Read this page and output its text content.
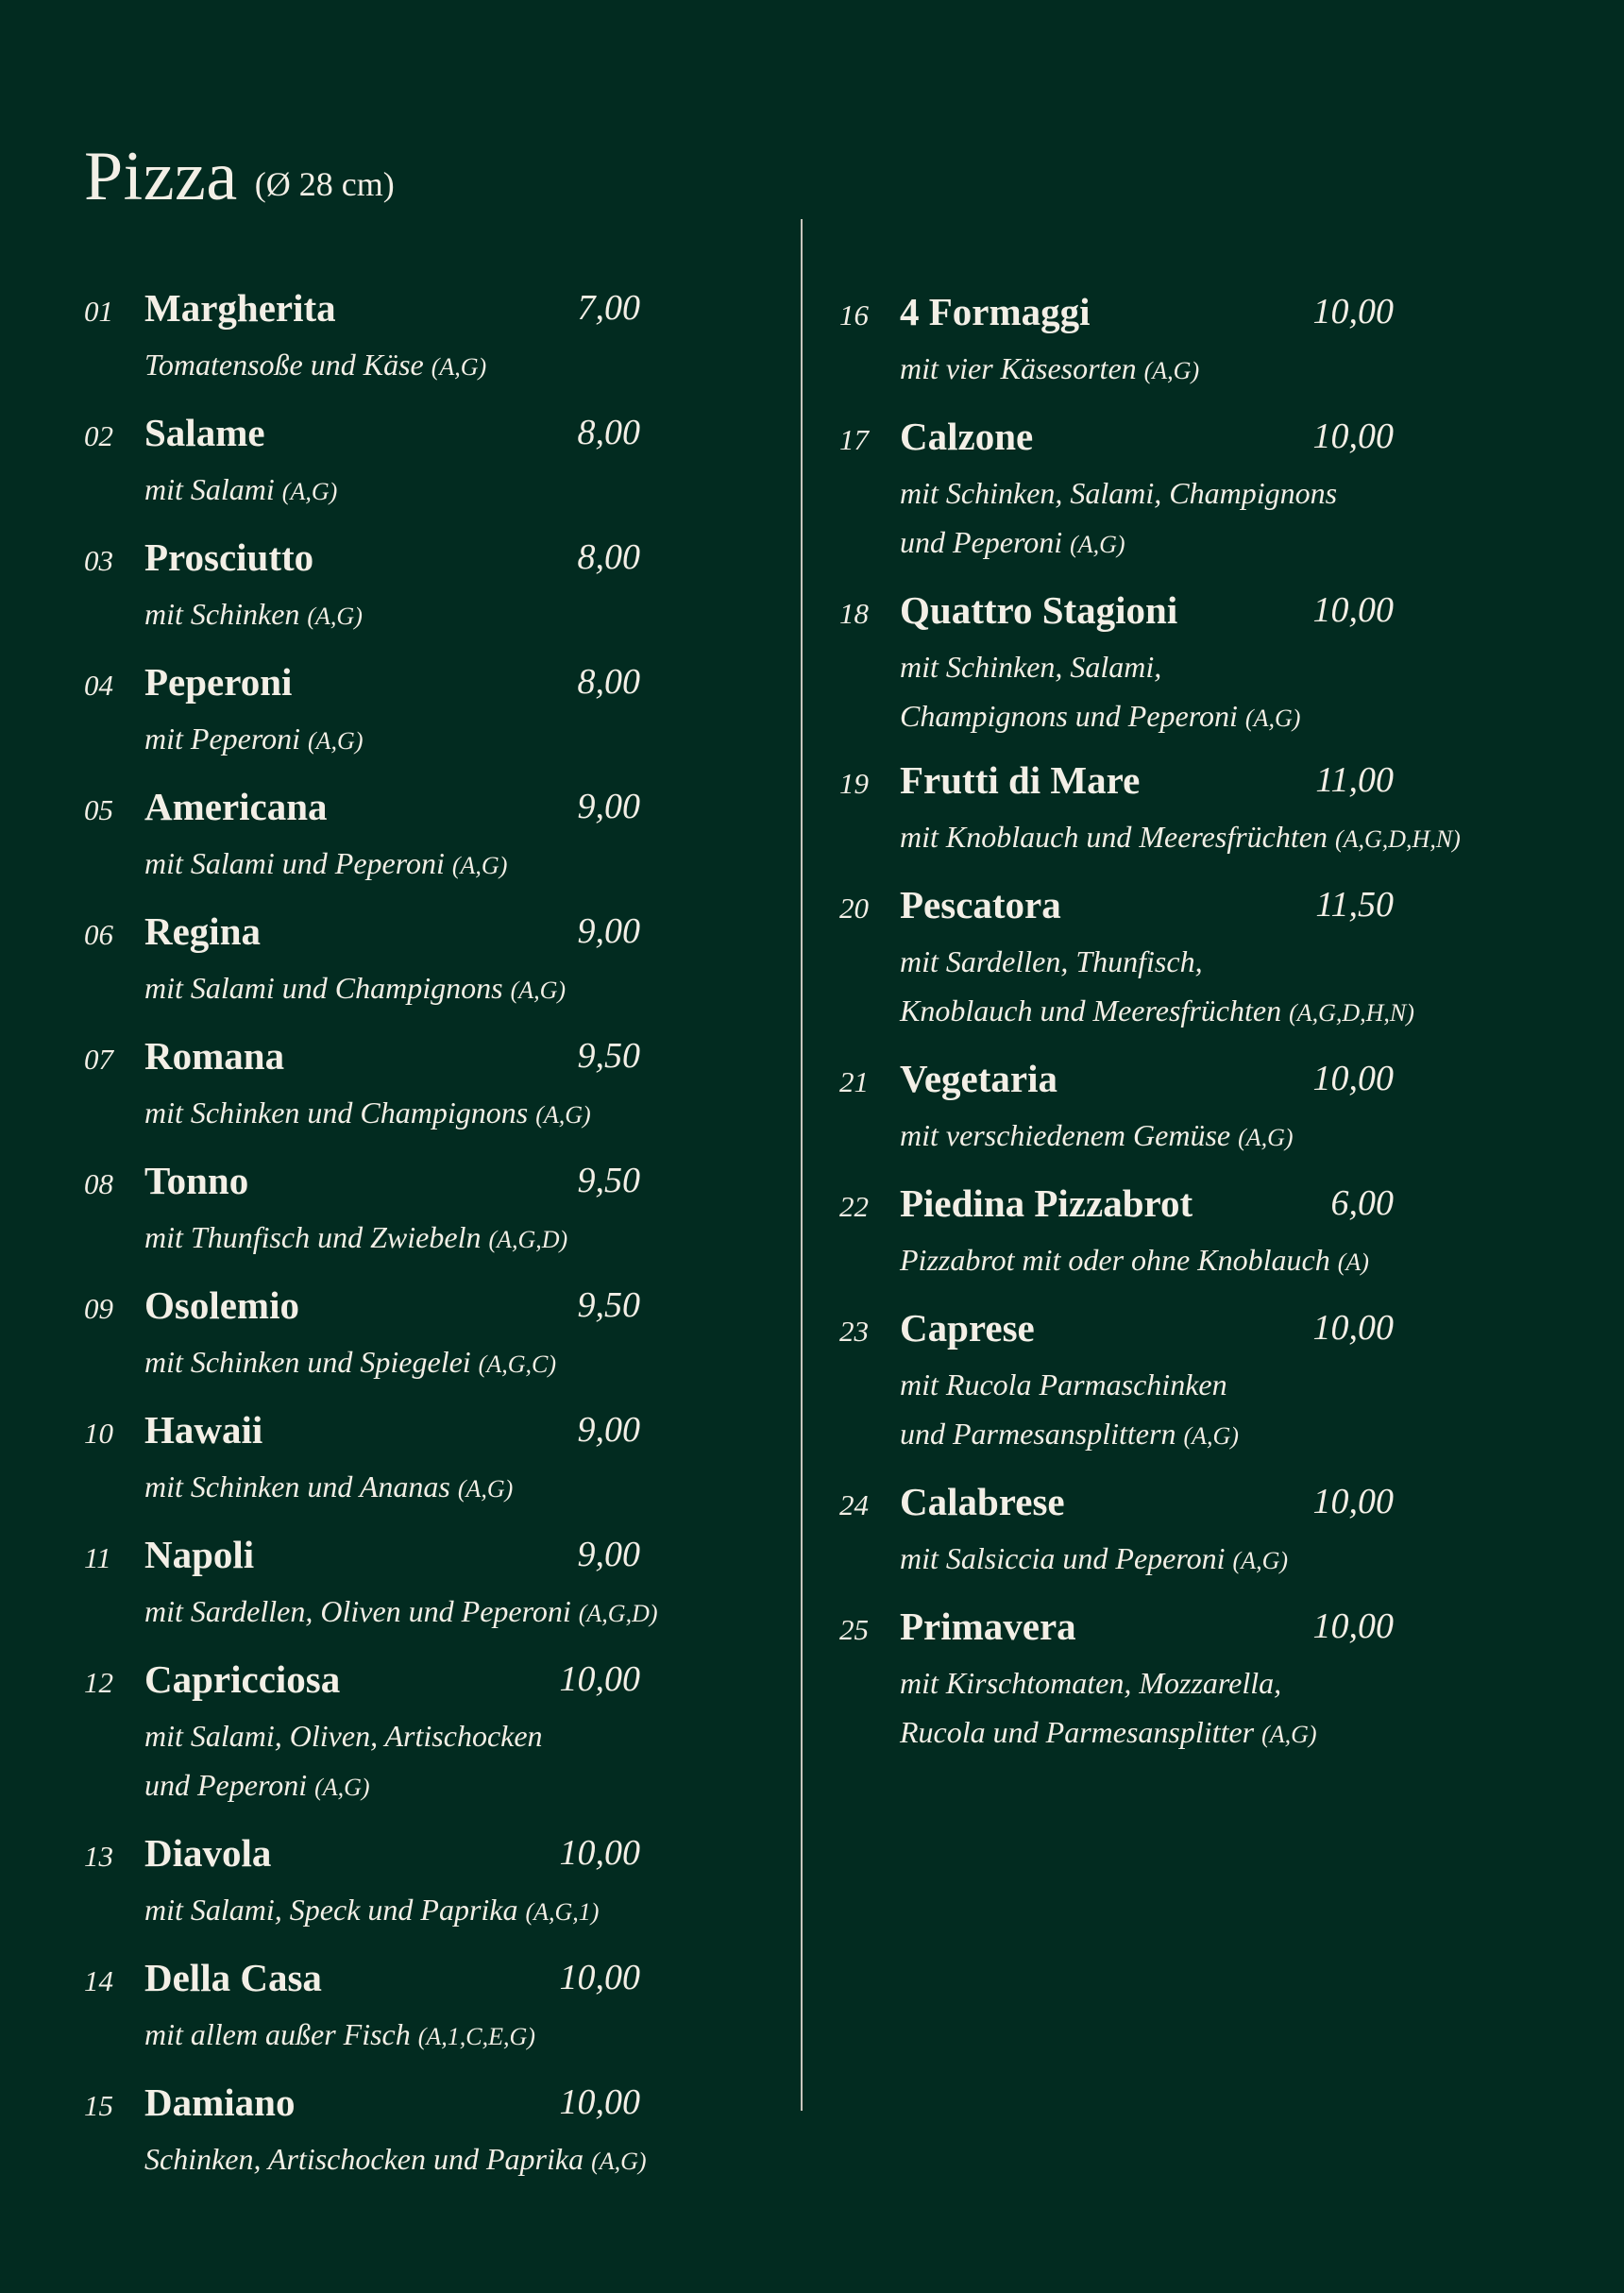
Pizza (Ø 28 cm)
01 Margherita	7,00
Tomatensoße und Käse (A,G)
02 Salame	8,00
mit Salami (A,G)
03 Prosciutto	8,00
mit Schinken (A,G)
04 Peperoni	8,00
mit Peperoni (A,G)
05 Americana	9,00
mit Salami und Peperoni (A,G)
06 Regina	9,00
mit Salami und Champignons (A,G)
07 Romana	9,50
mit Schinken und Champignons (A,G)
08 Tonno	9,50
mit Thunfisch und Zwiebeln (A,G,D)
09 Osolemio	9,50
mit Schinken und Spiegelei (A,G,C)
10 Hawaii	9,00
mit Schinken und Ananas (A,G)
11 Napoli	9,00
mit Sardellen, Oliven und Peperoni (A,G,D)
12 Capricciosa	10,00
mit Salami, Oliven, Artischocken
und Peperoni (A,G)
13 Diavola	10,00
mit Salami, Speck und Paprika (A,G,1)
14 Della Casa	10,00
mit allem außer Fisch (A,1,C,E,G)
15 Damiano	10,00
Schinken, Artischocken und Paprika (A,G)
16 4 Formaggi	10,00
mit vier Käsesorten (A,G)
17 Calzone	10,00
mit Schinken, Salami, Champignons
und Peperoni (A,G)
18 Quattro Stagioni	10,00
mit Schinken, Salami,
Champignons und Peperoni (A,G)
19 Frutti di Mare	11,00
mit Knoblauch und Meeresfrüchten (A,G,D,H,N)
20 Pescatora	11,50
mit Sardellen, Thunfisch,
Knoblauch und Meeresfrüchten (A,G,D,H,N)
21 Vegetaria	10,00
mit verschiedenem Gemüse (A,G)
22 Piedina Pizzabrot	6,00
Pizzabrot mit oder ohne Knoblauch (A)
23 Caprese	10,00
mit Rucola Parmaschinken
und Parmesansplittern (A,G)
24 Calabrese	10,00
mit Salsiccia und Peperoni (A,G)
25 Primavera	10,00
mit Kirschtomaten, Mozzarella,
Rucola und Parmesansplitter (A,G)
